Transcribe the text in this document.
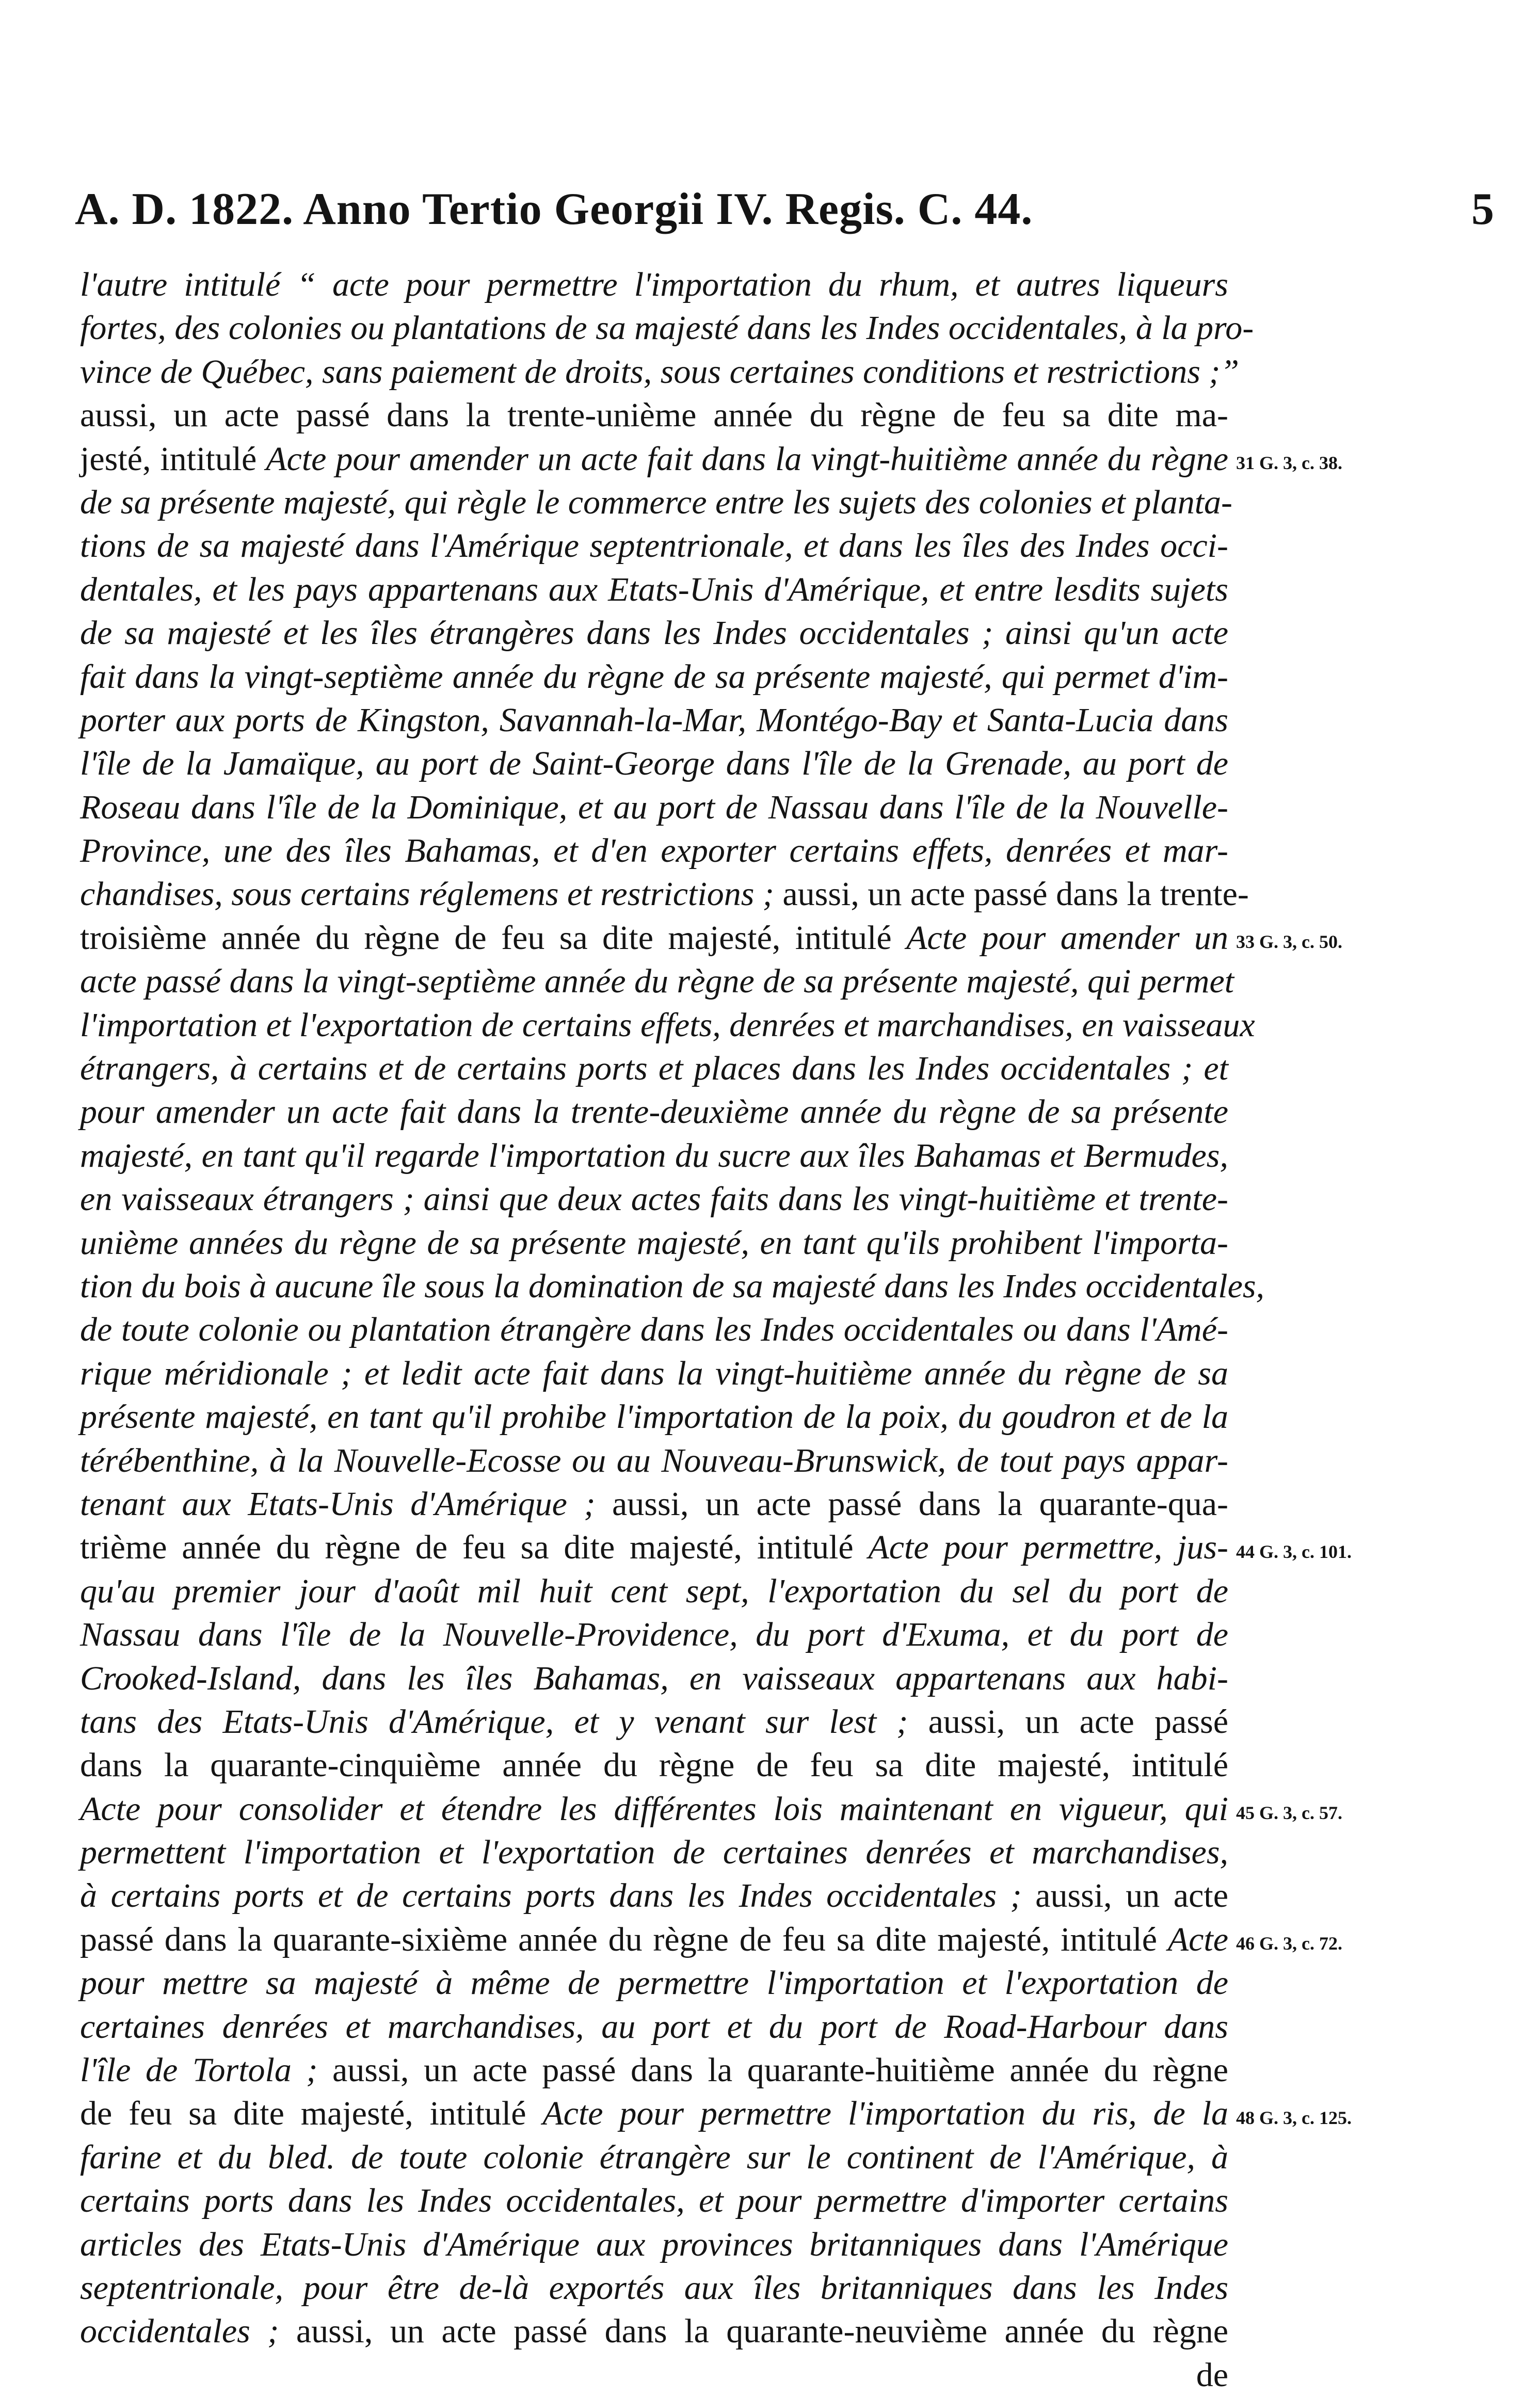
A. D. 1822. Anno Tertio Georgii IV. Regis. C. 44.	5
l'autre intitulé “ acte pour permettre l'importation du rhum, et autres liqueurs
fortes, des colonies ou plantations de sa majesté dans les Indes occidentales, à la pro-
vince de Québec, sans paiement de droits, sous certaines conditions et restrictions ;”
aussi, un acte passé dans la trente-unième année du règne de feu sa dite ma-
jesté, intitulé Acte pour amender un acte fait dans la vingt-huitième année du règne
de sa présente majesté, qui règle le commerce entre les sujets des colonies et planta-
tions de sa majesté dans l'Amérique septentrionale, et dans les îles des Indes occi-
dentales, et les pays appartenans aux Etats-Unis d'Amérique, et entre lesdits sujets
de sa majesté et les îles étrangères dans les Indes occidentales ; ainsi qu'un acte
fait dans la vingt-septième année du règne de sa présente majesté, qui permet d'im-
porter aux ports de Kingston, Savannah-la-Mar, Montégo-Bay et Santa-Lucia dans
l'île de la Jamaïque, au port de Saint-George dans l'île de la Grenade, au port de
Roseau dans l'île de la Dominique, et au port de Nassau dans l'île de la Nouvelle-
Province, une des îles Bahamas, et d'en exporter certains effets, denrées et mar-
chandises, sous certains réglemens et restrictions ; aussi, un acte passé dans la trente-
troisième année du règne de feu sa dite majesté, intitulé Acte pour amender un
acte passé dans la vingt-septième année du règne de sa présente majesté, qui permet
l'importation et l'exportation de certains effets, denrées et marchandises, en vaisseaux
étrangers, à certains et de certains ports et places dans les Indes occidentales ; et
pour amender un acte fait dans la trente-deuxième année du règne de sa présente
majesté, en tant qu'il regarde l'importation du sucre aux îles Bahamas et Bermudes,
en vaisseaux étrangers ; ainsi que deux actes faits dans les vingt-huitième et trente-
unième années du règne de sa présente majesté, en tant qu'ils prohibent l'importa-
tion du bois à aucune île sous la domination de sa majesté dans les Indes occidentales,
de toute colonie ou plantation étrangère dans les Indes occidentales ou dans l'Amé-
rique méridionale ; et ledit acte fait dans la vingt-huitième année du règne de sa
présente majesté, en tant qu'il prohibe l'importation de la poix, du goudron et de la
térébenthine, à la Nouvelle-Ecosse ou au Nouveau-Brunswick, de tout pays appar-
tenant aux Etats-Unis d'Amérique ; aussi, un acte passé dans la quarante-qua-
trième année du règne de feu sa dite majesté, intitulé Acte pour permettre, jus-
qu'au premier jour d'août mil huit cent sept, l'exportation du sel du port de
Nassau dans l'île de la Nouvelle-Providence, du port d'Exuma, et du port de
Crooked-Island, dans les îles Bahamas, en vaisseaux appartenans aux habi-
tans des Etats-Unis d'Amérique, et y venant sur lest ; aussi, un acte passé
dans la quarante-cinquième année du règne de feu sa dite majesté, intitulé
Acte pour consolider et étendre les différentes lois maintenant en vigueur, qui
permettent l'importation et l'exportation de certaines denrées et marchandises,
à certains ports et de certains ports dans les Indes occidentales ; aussi, un acte
passé dans la quarante-sixième année du règne de feu sa dite majesté, intitulé Acte
pour mettre sa majesté à même de permettre l'importation et l'exportation de
certaines denrées et marchandises, au port et du port de Road-Harbour dans
l'île de Tortola ; aussi, un acte passé dans la quarante-huitième année du règne
de feu sa dite majesté, intitulé Acte pour permettre l'importation du ris, de la
farine et du bled. de toute colonie étrangère sur le continent de l'Amérique, à
certains ports dans les Indes occidentales, et pour permettre d'importer certains
articles des Etats-Unis d'Amérique aux provinces britanniques dans l'Amérique
septentrionale, pour être de-là exportés aux îles britanniques dans les Indes
occidentales ; aussi, un acte passé dans la quarante-neuvième année du règne
de
31 G. 3, c. 38.
33 G. 3, c. 50.
44 G. 3, c. 101.
45 G. 3, c. 57.
46 G. 3, c. 72.
48 G. 3, c. 125.
